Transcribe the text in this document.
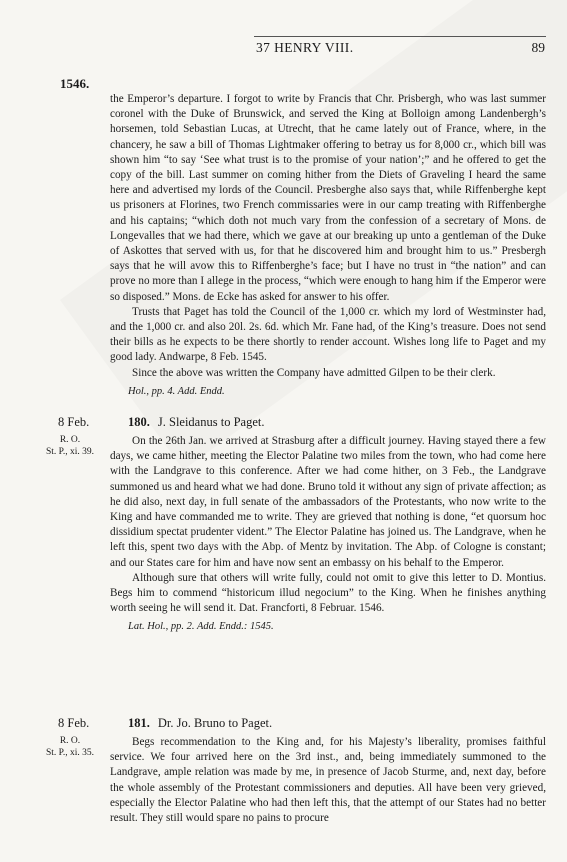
37 HENRY VIII.	89
1546.

the Emperor’s departure. I forgot to write by Francis that Chr. Prisbergh, who was last summer coronel with the Duke of Brunswick, and served the King at Bolloign among Landenbergh’s horsemen, told Sebastian Lucas, at Utrecht, that he came lately out of France, where, in the chancery, he saw a bill of Thomas Lightmaker offering to betray us for 8,000 cr., which bill was shown him “to say ‘See what trust is to the promise of your nation’;” and he offered to get the copy of the bill. Last summer on coming hither from the Diets of Graveling I heard the same here and advertised my lords of the Council. Presberghe also says that, while Riffenberghe kept us prisoners at Florines, two French commissaries were in our camp treating with Riffenberghe and his captains; “which doth not much vary from the confession of a secretary of Mons. de Longevalles that we had there, which we gave at our breaking up unto a gentleman of the Duke of Askottes that served with us, for that he discovered him and brought him to us.” Presbergh says that he will avow this to Riffenberghe’s face; but I have no trust in “the nation” and can prove no more than I allege in the process, “which were enough to hang him if the Emperor were so disposed.” Mons. de Ecke has asked for answer to his offer.

Trusts that Paget has told the Council of the 1,000 cr. which my lord of Westminster had, and the 1,000 cr. and also 20l. 2s. 6d. which Mr. Fane had, of the King’s treasure. Does not send their bills as he expects to be there shortly to render account. Wishes long life to Paget and my good lady. Andwarpe, 8 Feb. 1545.

Since the above was written the Company have admitted Gilpen to be their clerk.

Hol., pp. 4. Add. Endd.
8 Feb.	180. J. Sleidanus to Paget.
R. O.
St. P., xi. 39.

On the 26th Jan. we arrived at Strasburg after a difficult journey. Having stayed there a few days, we came hither, meeting the Elector Palatine two miles from the town, who had come here with the Landgrave to this conference. After we had come hither, on 3 Feb., the Landgrave summoned us and heard what we had done. Bruno told it without any sign of private affection; as he did also, next day, in full senate of the ambassadors of the Protestants, who now write to the King and have commanded me to write. They are grieved that nothing is done, “et quorsum hoc dissidium spectat prudenter vident.” The Elector Palatine has joined us. The Landgrave, when he left this, spent two days with the Abp. of Mentz by invitation. The Abp. of Cologne is constant; and our States care for him and have now sent an embassy on his behalf to the Emperor.

Although sure that others will write fully, could not omit to give this letter to D. Montius. Begs him to commend “historicum illud negocium” to the King. When he finishes anything worth seeing he will send it. Dat. Francforti, 8 Februar. 1546.

Lat. Hol., pp. 2. Add. Endd.: 1545.
8 Feb.	181. Dr. Jo. Bruno to Paget.
R. O.
St. P., xi. 35.

Begs recommendation to the King and, for his Majesty’s liberality, promises faithful service. We four arrived here on the 3rd inst., and, being immediately summoned to the Landgrave, ample relation was made by me, in presence of Jacob Sturme, and, next day, before the whole assembly of the Protestant commissioners and deputies. All have been very grieved, especially the Elector Palatine who had then left this, that the attempt of our States had no better result. They still would spare no pains to procure
